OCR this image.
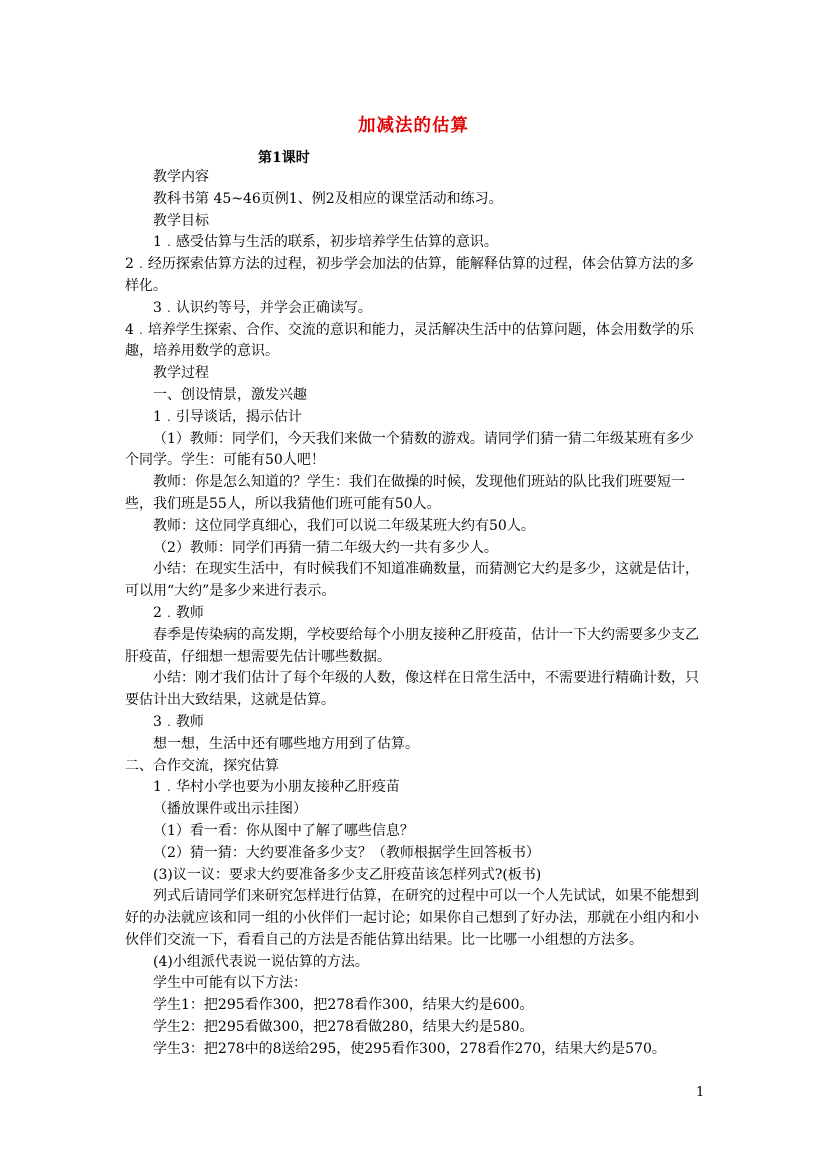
加减法的估算
第1课时

教学内容

教科书第 45~46页例1、例2及相应的课堂活动和练习。

教学目标

1﹒感受估算与生活的联系，初步培养学生估算的意识。

2﹒经历探索估算方法的过程，初步学会加法的估算，能解释估算的过程，体会估算方法的多样化。

3﹒认识约等号，并学会正确读写。

4﹒培养学生探索、合作、交流的意识和能力，灵活解决生活中的估算问题，体会用数学的乐趣，培养用数学的意识。

教学过程

一、创设情景，激发兴趣

1﹒引导谈话，揭示估计

（1）教师：同学们，今天我们来做一个猜数的游戏。请同学们猜一猜二年级某班有多少个同学。学生：可能有50人吧！

教师：你是怎么知道的？学生：我们在做操的时候，发现他们班站的队比我们班要短一些，我们班是55人，所以我猜他们班可能有50人。

教师：这位同学真细心，我们可以说二年级某班大约有50人。

（2）教师：同学们再猜一猜二年级大约一共有多少人。

小结：在现实生活中，有时候我们不知道准确数量，而猜测它大约是多少，这就是估计，可以用“大约”是多少来进行表示。

2﹒教师

春季是传染病的高发期，学校要给每个小朋友接种乙肝疫苗，估计一下大约需要多少支乙肝疫苗，仔细想一想需要先估计哪些数据。

小结：刚才我们估计了每个年级的人数，像这样在日常生活中，不需要进行精确计数，只要估计出大致结果，这就是估算。

3﹒教师

想一想，生活中还有哪些地方用到了估算。

二、合作交流，探究估算

1﹒华村小学也要为小朋友接种乙肝疫苗

（播放课件或出示挂图）

（1）看一看：你从图中了解了哪些信息？

（2）猜一猜：大约要准备多少支？（教师根据学生回答板书）

(3)议一议：要求大约要准备多少支乙肝疫苗该怎样列式?(板书)

列式后请同学们来研究怎样进行估算，在研究的过程中可以一个人先试试，如果不能想到好的办法就应该和同一组的小伙伴们一起讨论；如果你自己想到了好办法，那就在小组内和小伙伴们交流一下，看看自己的方法是否能估算出结果。比一比哪一小组想的方法多。

(4)小组派代表说一说估算的方法。

学生中可能有以下方法：

学生1：把295看作300，把278看作300，结果大约是600。

学生2：把295看做300，把278看做280，结果大约是580。

学生3：把278中的8送给295，使295看作300，278看作270，结果大约是570。

1
